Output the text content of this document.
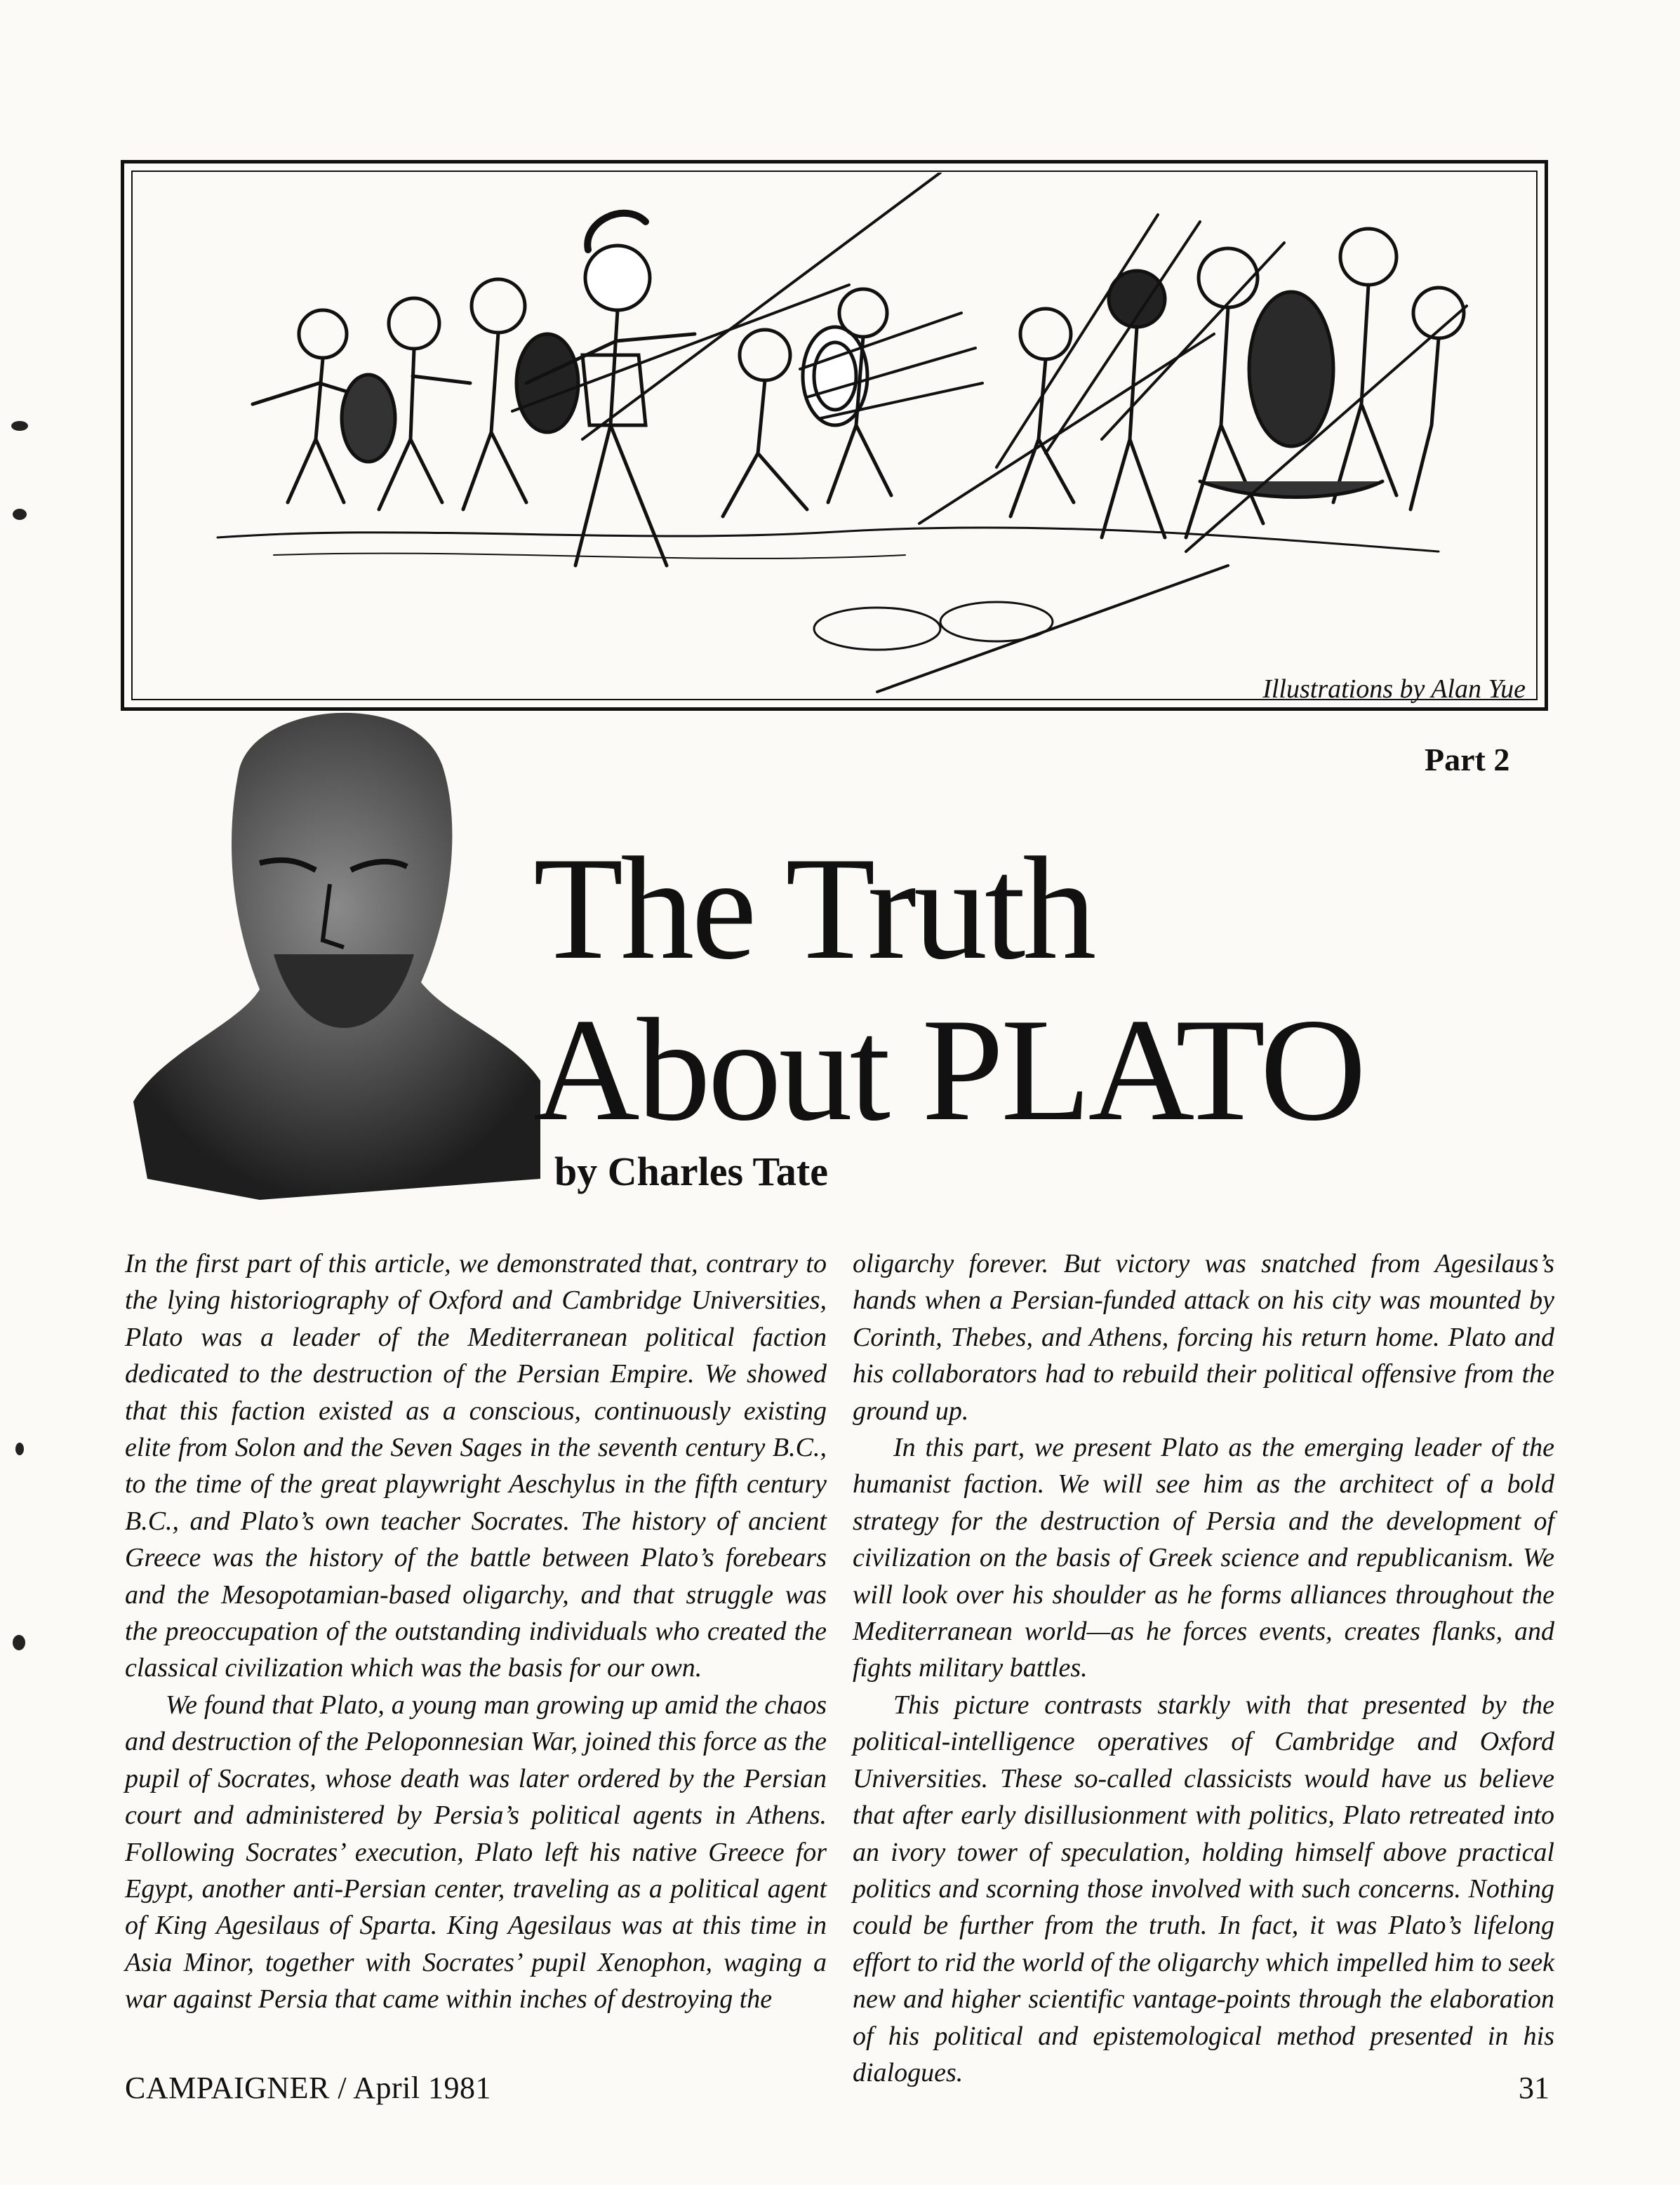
Illustrations by Alan Yue
Part 2
The Truth
About PLATO
by Charles Tate

In the first part of this article, we demonstrated that, contrary to the lying historiography of Oxford and Cambridge Universities, Plato was a leader of the Mediterranean political faction dedicated to the destruction of the Persian Empire. We showed that this faction existed as a conscious, continuously existing elite from Solon and the Seven Sages in the seventh century B.C., to the time of the great playwright Aeschylus in the fifth century B.C., and Plato’s own teacher Socrates. The history of ancient Greece was the history of the battle between Plato’s forebears and the Mesopotamian-based oligarchy, and that struggle was the preoccupation of the outstanding individuals who created the classical civilization which was the basis for our own.

We found that Plato, a young man growing up amid the chaos and destruction of the Peloponnesian War, joined this force as the pupil of Socrates, whose death was later ordered by the Persian court and administered by Persia’s political agents in Athens. Following Socrates’ execution, Plato left his native Greece for Egypt, another anti-Persian center, traveling as a political agent of King Agesilaus of Sparta. King Agesilaus was at this time in Asia Minor, together with Socrates’ pupil Xenophon, waging a war against Persia that came within inches of destroying the

oligarchy forever. But victory was snatched from Agesilaus’s hands when a Persian-funded attack on his city was mounted by Corinth, Thebes, and Athens, forcing his return home. Plato and his collaborators had to rebuild their political offensive from the ground up.

In this part, we present Plato as the emerging leader of the humanist faction. We will see him as the architect of a bold strategy for the destruction of Persia and the development of civilization on the basis of Greek science and republicanism. We will look over his shoulder as he forms alliances throughout the Mediterranean world—as he forces events, creates flanks, and fights military battles.

This picture contrasts starkly with that presented by the political-intelligence operatives of Cambridge and Oxford Universities. These so-called classicists would have us believe that after early disillusionment with politics, Plato retreated into an ivory tower of speculation, holding himself above practical politics and scorning those involved with such concerns. Nothing could be further from the truth. In fact, it was Plato’s lifelong effort to rid the world of the oligarchy which impelled him to seek new and higher scientific vantage-points through the elaboration of his political and epistemological method presented in his dialogues.

CAMPAIGNER / April 1981	31
